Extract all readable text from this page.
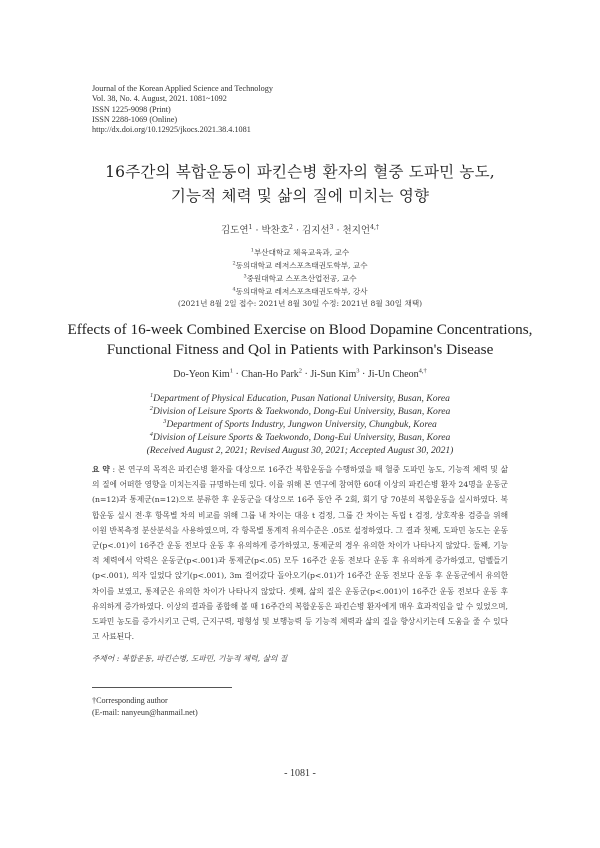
Journal of the Korean Applied Science and Technology
Vol. 38, No. 4. August, 2021. 1081~1092
ISSN 1225-9098 (Print)
ISSN 2288-1069 (Online)
http://dx.doi.org/10.12925/jkocs.2021.38.4.1081
16주간의 복합운동이 파킨슨병 환자의 혈중 도파민 농도,
기능적 체력 및 삶의 질에 미치는 영향
김도연$^1$ · 박찬호$^2$ · 김지선$^3$ · 천지언$^{4,\dagger}$
$^1$부산대학교 체육교육과, 교수
$^2$동의대학교 레저스포츠태권도학부, 교수
$^3$중원대학교 스포츠산업전공, 교수
$^4$동의대학교 레저스포츠태권도학부, 강사
(2021년 8월 2일 접수: 2021년 8월 30일 수정: 2021년 8월 30일 채택)
Effects of 16-week Combined Exercise on Blood Dopamine Concentrations,
Functional Fitness and Qol in Patients with Parkinson's Disease
Do-Yeon Kim$^1$ · Chan-Ho Park$^2$ · Ji-Sun Kim$^3$ · Ji-Un Cheon$^{4,\dagger}$
$^1$Department of Physical Education, Pusan National University, Busan, Korea
$^2$Division of Leisure Sports & Taekwondo, Dong-Eui University, Busan, Korea
$^3$Department of Sports Industry, Jungwon University, Chungbuk, Korea
$^4$Division of Leisure Sports & Taekwondo, Dong-Eui University, Busan, Korea
(Received August 2, 2021; Revised August 30, 2021; Accepted August 30, 2021)
요 약 : 본 연구의 목적은 파킨슨병 환자를 대상으로 16주간 복합운동을 수행하였을 때 혈중 도파민 농도, 기능적 체력 및 삶의 질에 어떠한 영향을 미치는지를 규명하는데 있다. 이를 위해 본 연구에 참여한 60대 이상의 파킨슨병 환자 24명을 운동군(n=12)과 통제군(n=12)으로 분류한 후 운동군을 대상으로 16주 동안 주 2회, 회기 당 70분의 복합운동을 실시하였다. 복합운동 실시 전·후 항목별 차의 비교를 위해 그룹 내 차이는 대응 t 검정, 그룹 간 차이는 독립 t 검정, 상호작용 검증을 위해 이원 반복측정 분산분석을 사용하였으며, 각 항목별 통계적 유의수준은 .05로 설정하였다. 그 결과 첫째, 도파민 농도는 운동군(p<.01)이 16주간 운동 전보다 운동 후 유의하게 증가하였고, 통제군의 경우 유의한 차이가 나타나지 않았다. 둘째, 기능적 체력에서 악력은 운동군(p<.001)과 통제군(p<.05) 모두 16주간 운동 전보다 운동 후 유의하게 증가하였고, 덤벨들기(p<.001), 의자 일었다 앉기(p<.001), 3m 걸어갔다 돌아오기(p<.01)가 16주간 운동 전보다 운동 후 운동군에서 유의한 차이를 보였고, 통제군은 유의한 차이가 나타나지 않았다. 셋째, 삶의 질은 운동군(p<.001)이 16주간 운동 전보다 운동 후 유의하게 증가하였다. 이상의 결과를 종합해 볼 때 16주간의 복합운동은 파킨슨병 환자에게 매우 효과적임을 알 수 있었으며, 도파민 농도를 증가시키고 근력, 근지구력, 평형성 및 보행능력 등 기능적 체력과 삶의 질을 향상시키는데 도움을 줄 수 있다고 사료된다.
주제어 : 복합운동, 파킨슨병, 도파민, 기능적 체력, 삶의 질
†Corresponding author
(E-mail: nanyeun@hanmail.net)
- 1081 -
